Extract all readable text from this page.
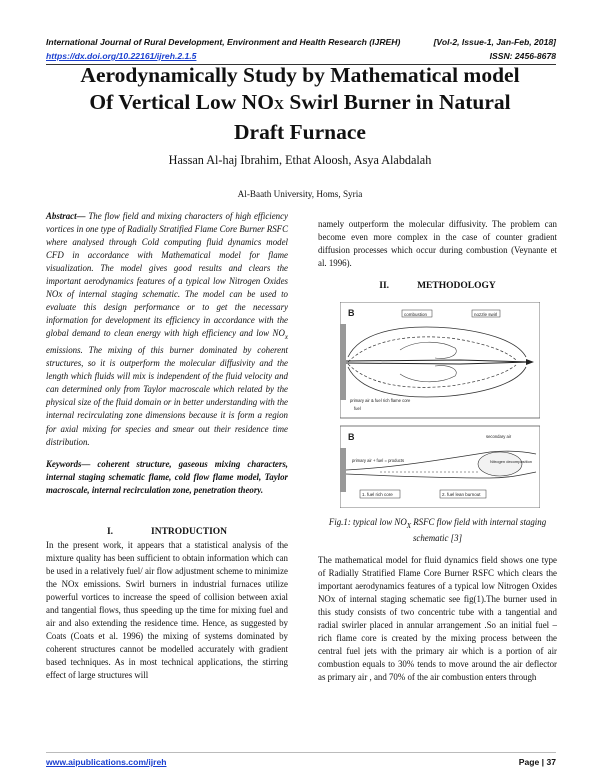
International Journal of Rural Development, Environment and Health Research (IJREH)	[Vol-2, Issue-1, Jan-Feb, 2018]
https://dx.doi.org/10.22161/ijreh.2.1.5	ISSN: 2456-8678
Aerodynamically Study by Mathematical model
Of Vertical Low NOX Swirl Burner in Natural
Draft Furnace
Hassan Al-haj Ibrahim, Ethat Aloosh, Asya Alabdalah
Al-Baath University, Homs, Syria
Abstract— The flow field and mixing characters of high efficiency vortices in one type of Radially Stratified Flame Core Burner RSFC where analysed through Cold computing fluid dynamics model CFD in accordance with Mathematical model for flame visualization. The model gives good results and clears the important aerodynamics features of a typical low Nitrogen Oxides NOx of internal staging schematic. The model can be used to evaluate this design performance or to get the necessary information for development its efficiency in accordance with the global demand to clean energy with high efficiency and low $NO_x$ emissions. The mixing of this burner dominated by coherent structures, so it is outperform the molecular diffusivity and the length which fluids will mix is independent of the fluid velocity and can determined only from Taylor macroscale which related by the physical size of the fluid domain or in better understanding with the internal recirculating zone dimensions because it is form a region for axial mixing for species and smear out their residence time distribution.
Keywords— coherent structure, gaseous mixing characters, internal staging schematic flame, cold flow flame model, Taylor macroscale, internal recirculation zone, penetration theory.
I.	INTRODUCTION
In the present work, it appears that a statistical analysis of the mixture quality has been sufficient to obtain information which can be used in a relatively fuel/ air flow adjustment scheme to minimize the NOx emissions. Swirl burners in industrial furnaces utilize powerful vortices to increase the speed of collision between axial and tangential flows, thus speeding up the time for mixing fuel and air and also extending the residence time. Hence, as suggested by Coats (Coats et al. 1996) the mixing of systems dominated by coherent structures cannot be modelled accurately with gradient based techniques. As in most technical applications, the stirring effect of large structures will
namely outperform the molecular diffusivity. The problem can become even more complex in the case of counter gradient diffusion processes which occur during combustion (Veynante et al. 1996).
II.	METHODOLOGY
B	combustion	nozzle swirl
primary air & fuel rich flame core
fuel
B
Nitrogen decomposition
secondary air
primary air + fuel = products
1. fuel rich core	2. fuel lean burnout
Fig.1: typical low $NO_X$ RSFC flow field with internal staging schematic [3]
The mathematical model for fluid dynamics field shows one type of Radially Stratified Flame Core Burner RSFC which clears the important aerodynamics features of a typical low Nitrogen Oxides NOx of internal staging schematic see fig(1).The burner used in this study consists of two concentric tube with a tangential and radial swirler placed in annular arrangement .So an initial fuel –rich flame core is created by the mixing process between the central fuel jets with the primary air which is a portion of air combustion equals to 30% tends to move around the air deflector as primary air , and 70% of the air combustion enters through
www.aipublications.com/ijreh	Page | 37
